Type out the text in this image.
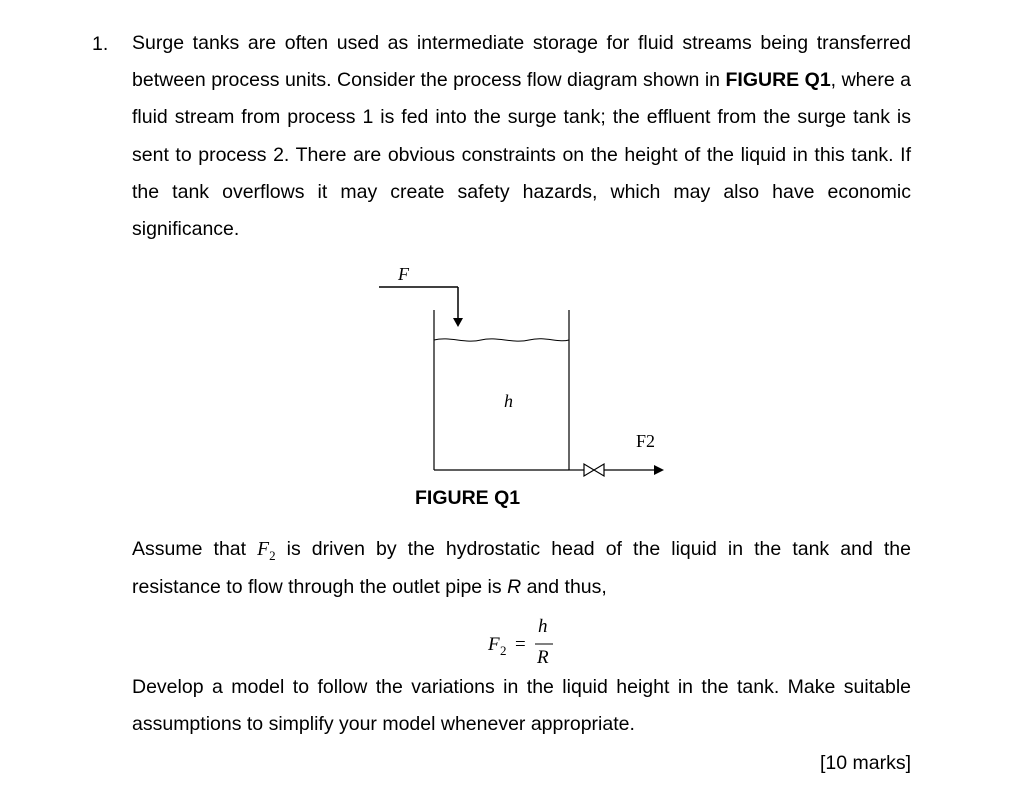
1. Surge tanks are often used as intermediate storage for fluid streams being transferred between process units. Consider the process flow diagram shown in FIGURE Q1, where a fluid stream from process 1 is fed into the surge tank; the effluent from the surge tank is sent to process 2. There are obvious constraints on the height of the liquid in this tank. If the tank overflows it may create safety hazards, which may also have economic significance.

F
h
F2
FIGURE Q1

Assume that $F_2$ is driven by the hydrostatic head of the liquid in the tank and the resistance to flow through the outlet pipe is R and thus,

F 2 =
h
R

Develop a model to follow the variations in the liquid height in the tank. Make suitable assumptions to simplify your model whenever appropriate.

[10 marks]
